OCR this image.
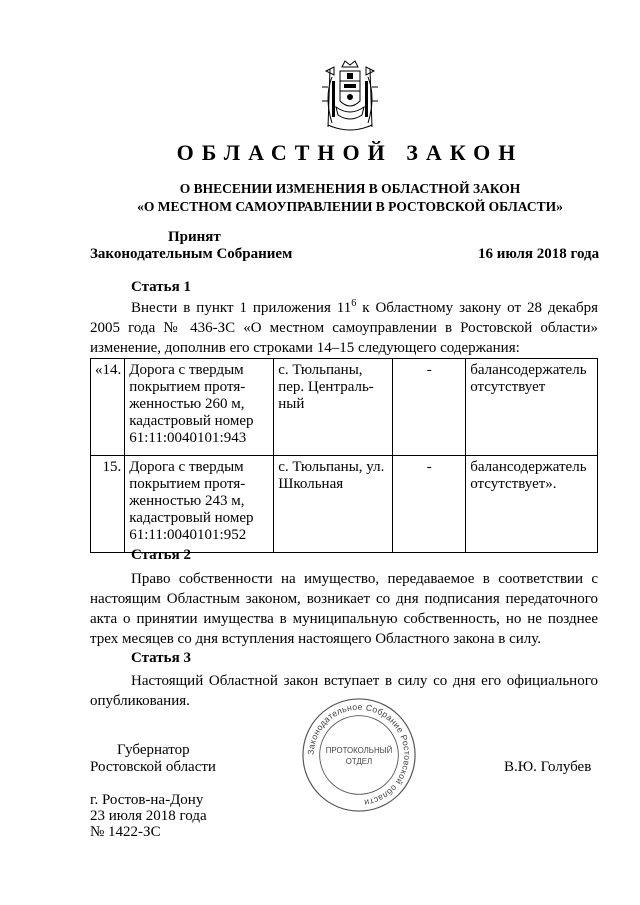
ОБЛАСТНОЙ ЗАКОН
О ВНЕСЕНИИ ИЗМЕНЕНИЯ В ОБЛАСТНОЙ ЗАКОН
«О МЕСТНОМ САМОУПРАВЛЕНИИ В РОСТОВСКОЙ ОБЛАСТИ»
Принят
Законодательным Собранием	16 июля 2018 года
Статья 1
Внести в пункт 1 приложения $11^6$ к Областному закону от 28 декабря 2005 года № 436-ЗС «О местном самоуправлении в Ростовской области» изменение, дополнив его строками 14–15 следующего содержания:
«14.	Дорога с твердым покрытием протя-женностью 260 м, кадастровый номер 61:11:0040101:943	с. Тюльпаны, пер. Централь-ный	-	балансодержатель отсутствует
15.	Дорога с твердым покрытием протя-женностью 243 м, кадастровый номер 61:11:0040101:952	с. Тюльпаны, ул. Школьная	-	балансодержатель отсутствует».
Статья 2
Право собственности на имущество, передаваемое в соответствии с настоящим Областным законом, возникает со дня подписания передаточного акта о принятии имущества в муниципальную собственность, но не позднее трех месяцев со дня вступления настоящего Областного закона в силу.
Статья 3
Настоящий Областной закон вступает в силу со дня его официального опубликования.
Губернатор
Ростовской области	В.Ю. Голубев
Законодательное Собрание Ростовской области
ПРОТОКОЛЬНЫЙ
ОТДЕЛ
г. Ростов-на-Дону
23 июля 2018 года
№ 1422-ЗС
